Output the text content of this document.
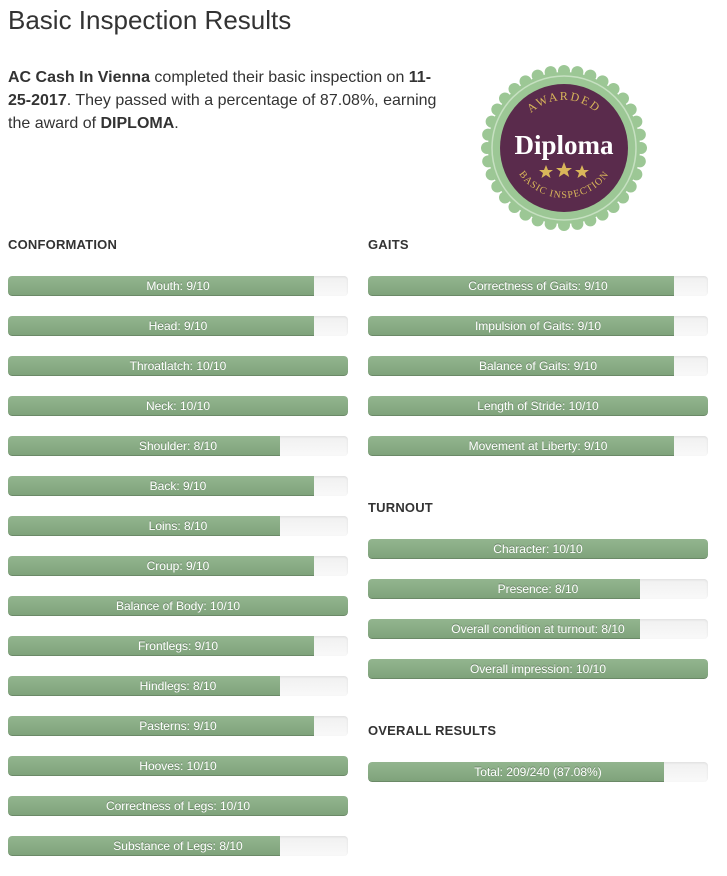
Basic Inspection Results
AC Cash In Vienna completed their basic inspection on 11-25-2017. They passed with a percentage of 87.08%, earning the award of DIPLOMA.
AWARDED
Diploma
BASIC INSPECTION
CONFORMATION
Mouth: 9/10
Head: 9/10
Throatlatch: 10/10
Neck: 10/10
Shoulder: 8/10
Back: 9/10
Loins: 8/10
Croup: 9/10
Balance of Body: 10/10
Frontlegs: 9/10
Hindlegs: 8/10
Pasterns: 9/10
Hooves: 10/10
Correctness of Legs: 10/10
Substance of Legs: 8/10
GAITS
Correctness of Gaits: 9/10
Impulsion of Gaits: 9/10
Balance of Gaits: 9/10
Length of Stride: 10/10
Movement at Liberty: 9/10
TURNOUT
Character: 10/10
Presence: 8/10
Overall condition at turnout: 8/10
Overall impression: 10/10
OVERALL RESULTS
Total: 209/240 (87.08%)
